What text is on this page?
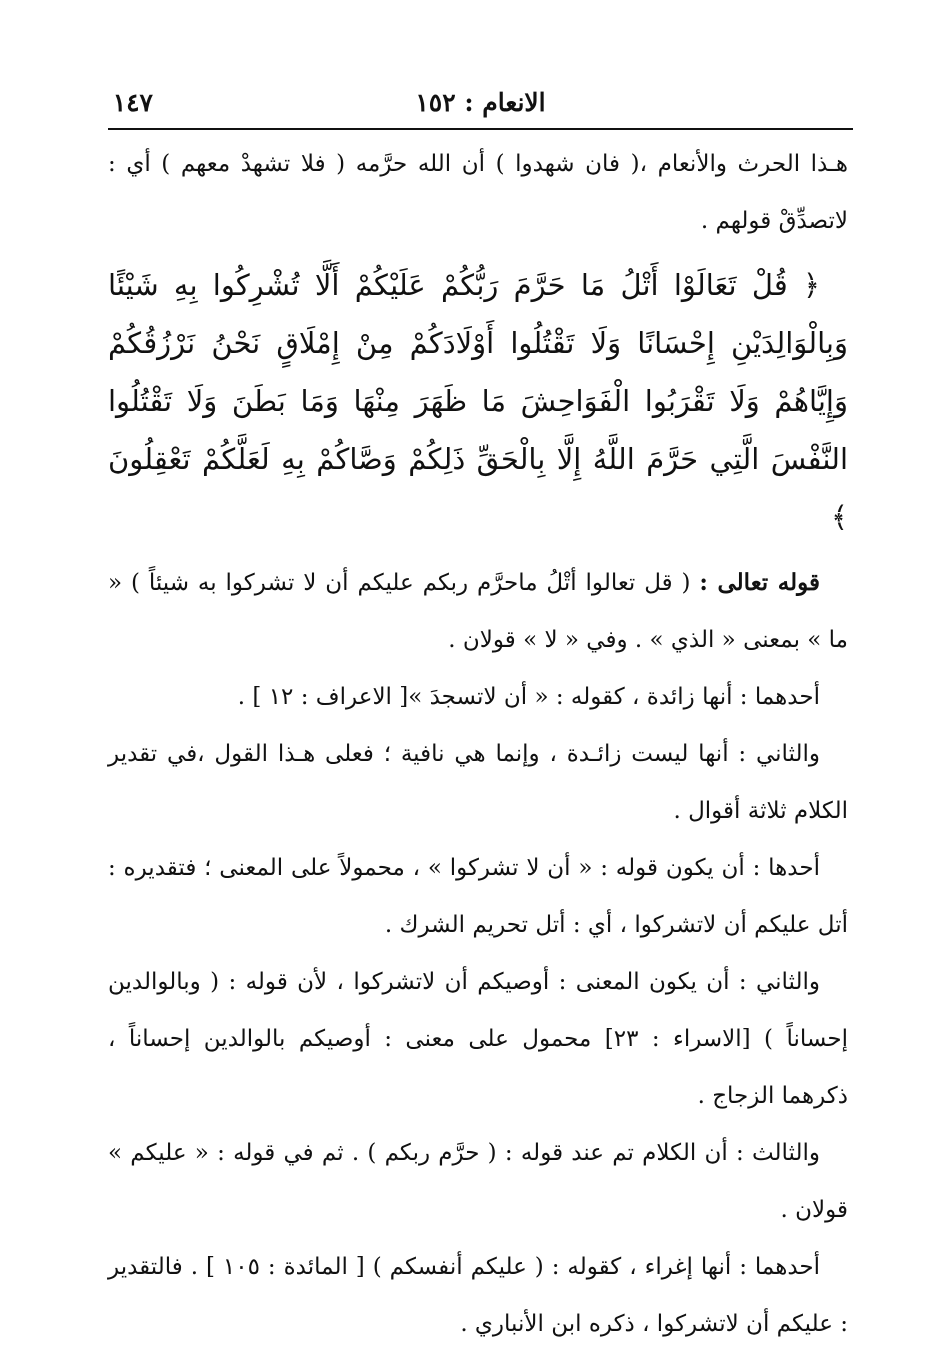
الانعام : ١٥٢
١٤٧

هـذا الحرث والأنعام ،( فان شهدوا ) أن الله حرَّمه ( فلا تشهدْ معهم ) أي : لاتصدِّقْ قولهم .

﴿ قُلْ تَعَالَوْا أَتْلُ مَا حَرَّمَ رَبُّكُمْ عَلَيْكُمْ أَلَّا تُشْرِكُوا بِهِ شَيْئًا وَبِالْوَالِدَيْنِ إِحْسَانًا وَلَا تَقْتُلُوا أَوْلَادَكُمْ مِنْ إِمْلَاقٍ نَحْنُ نَرْزُقُكُمْ وَإِيَّاهُمْ وَلَا تَقْرَبُوا الْفَوَاحِشَ مَا ظَهَرَ مِنْهَا وَمَا بَطَنَ وَلَا تَقْتُلُوا النَّفْسَ الَّتِي حَرَّمَ اللَّهُ إِلَّا بِالْحَقِّ ذَلِكُمْ وَصَّاكُمْ بِهِ لَعَلَّكُمْ تَعْقِلُونَ ﴾

قوله تعالى : ( قل تعالوا أتْلُ ماحرَّم ربكم عليكم أن لا تشركوا به شيئاً ) « ما » بمعنى « الذي » . وفي « لا » قولان .

أحدهما : أنها زائدة ، كقوله : « أن لاتسجدَ »[ الاعراف : ١٢ ] .

والثاني : أنها ليست زائـدة ، وإنما هي نافية ؛ فعلى هـذا القول ،في تقدير الكلام ثلاثة أقوال .

أحدها : أن يكون قوله : « أن لا تشركوا » ، محمولاً على المعنى ؛ فتقديره : أتل عليكم أن لاتشركوا ، أي : أتل تحريم الشرك .

والثاني : أن يكون المعنى : أوصيكم أن لاتشركوا ، لأن قوله : ( وبالوالدين إحساناً ) [الاسراء : ٢٣] محمول على معنى : أوصيكم بالوالدين إحساناً ، ذكرهما الزجاج .

والثالث : أن الكلام تم عند قوله : ( حرَّم ربكم ) . ثم في قوله : « عليكم » قولان .

أحدهما : أنها إغراء ، كقوله : ( عليكم أنفسكم ) [ المائدة : ١٠٥ ] . فالتقدير : عليكم أن لاتشركوا ، ذكره ابن الأنباري .
